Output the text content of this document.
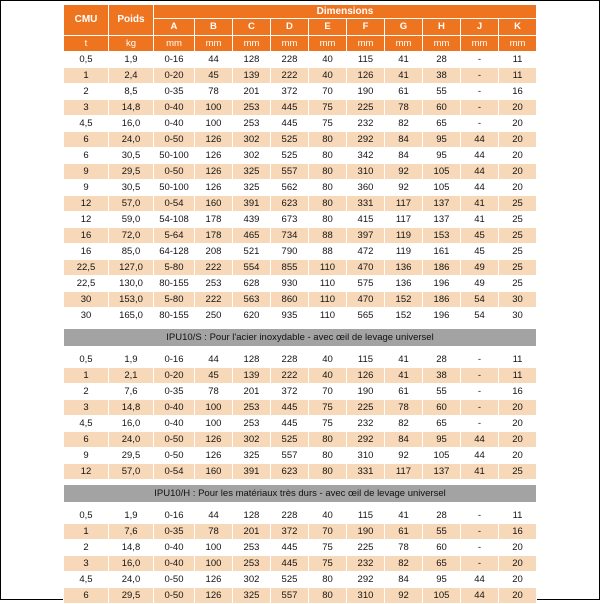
CMU	Poids	Dimensions									
		A	B	C	D	E	F	G	H	J	K
t	kg	mm	mm	mm	mm	mm	mm	mm	mm	mm	mm
0,5	1,9	0-16	44	128	228	40	115	41	28	-	11
1	2,4	0-20	45	139	222	40	126	41	38	-	11
2	8,5	0-35	78	201	372	70	190	61	55	-	16
3	14,8	0-40	100	253	445	75	225	78	60	-	20
4,5	16,0	0-40	100	253	445	75	232	82	65	-	20
6	24,0	0-50	126	302	525	80	292	84	95	44	20
6	30,5	50-100	126	302	525	80	342	84	95	44	20
9	29,5	0-50	126	325	557	80	310	92	105	44	20
9	30,5	50-100	126	325	562	80	360	92	105	44	20
12	57,0	0-54	160	391	623	80	331	117	137	41	25
12	59,0	54-108	178	439	673	80	415	117	137	41	25
16	72,0	5-64	178	465	734	88	397	119	153	45	25
16	85,0	64-128	208	521	790	88	472	119	161	45	25
22,5	127,0	5-80	222	554	855	110	470	136	186	49	25
22,5	130,0	80-155	253	628	930	110	575	136	196	49	25
30	153,0	5-80	222	563	860	110	470	152	186	54	30
30	165,0	80-155	250	620	935	110	565	152	196	54	30

IPU10/S : Pour l'acier inoxydable - avec œil de levage universel											

0,5	1,9	0-16	44	128	228	40	115	41	28	-	11
1	2,1	0-20	45	139	222	40	126	41	38	-	11
2	7,6	0-35	78	201	372	70	190	61	55	-	16
3	14,8	0-40	100	253	445	75	225	78	60	-	20
4,5	16,0	0-40	100	253	445	75	232	82	65	-	20
6	24,0	0-50	126	302	525	80	292	84	95	44	20
9	29,5	0-50	126	325	557	80	310	92	105	44	20
12	57,0	0-54	160	391	623	80	331	117	137	41	25

IPU10/H : Pour les matériaux très durs - avec œil de levage universel											

0,5	1,9	0-16	44	128	228	40	115	41	28	-	11
1	7,6	0-35	78	201	372	70	190	61	55	-	16
2	14,8	0-40	100	253	445	75	225	78	60	-	20
3	16,0	0-40	100	253	445	75	232	82	65	-	20
4,5	24,0	0-50	126	302	525	80	292	84	95	44	20
6	29,5	0-50	126	325	557	80	310	92	105	44	20
